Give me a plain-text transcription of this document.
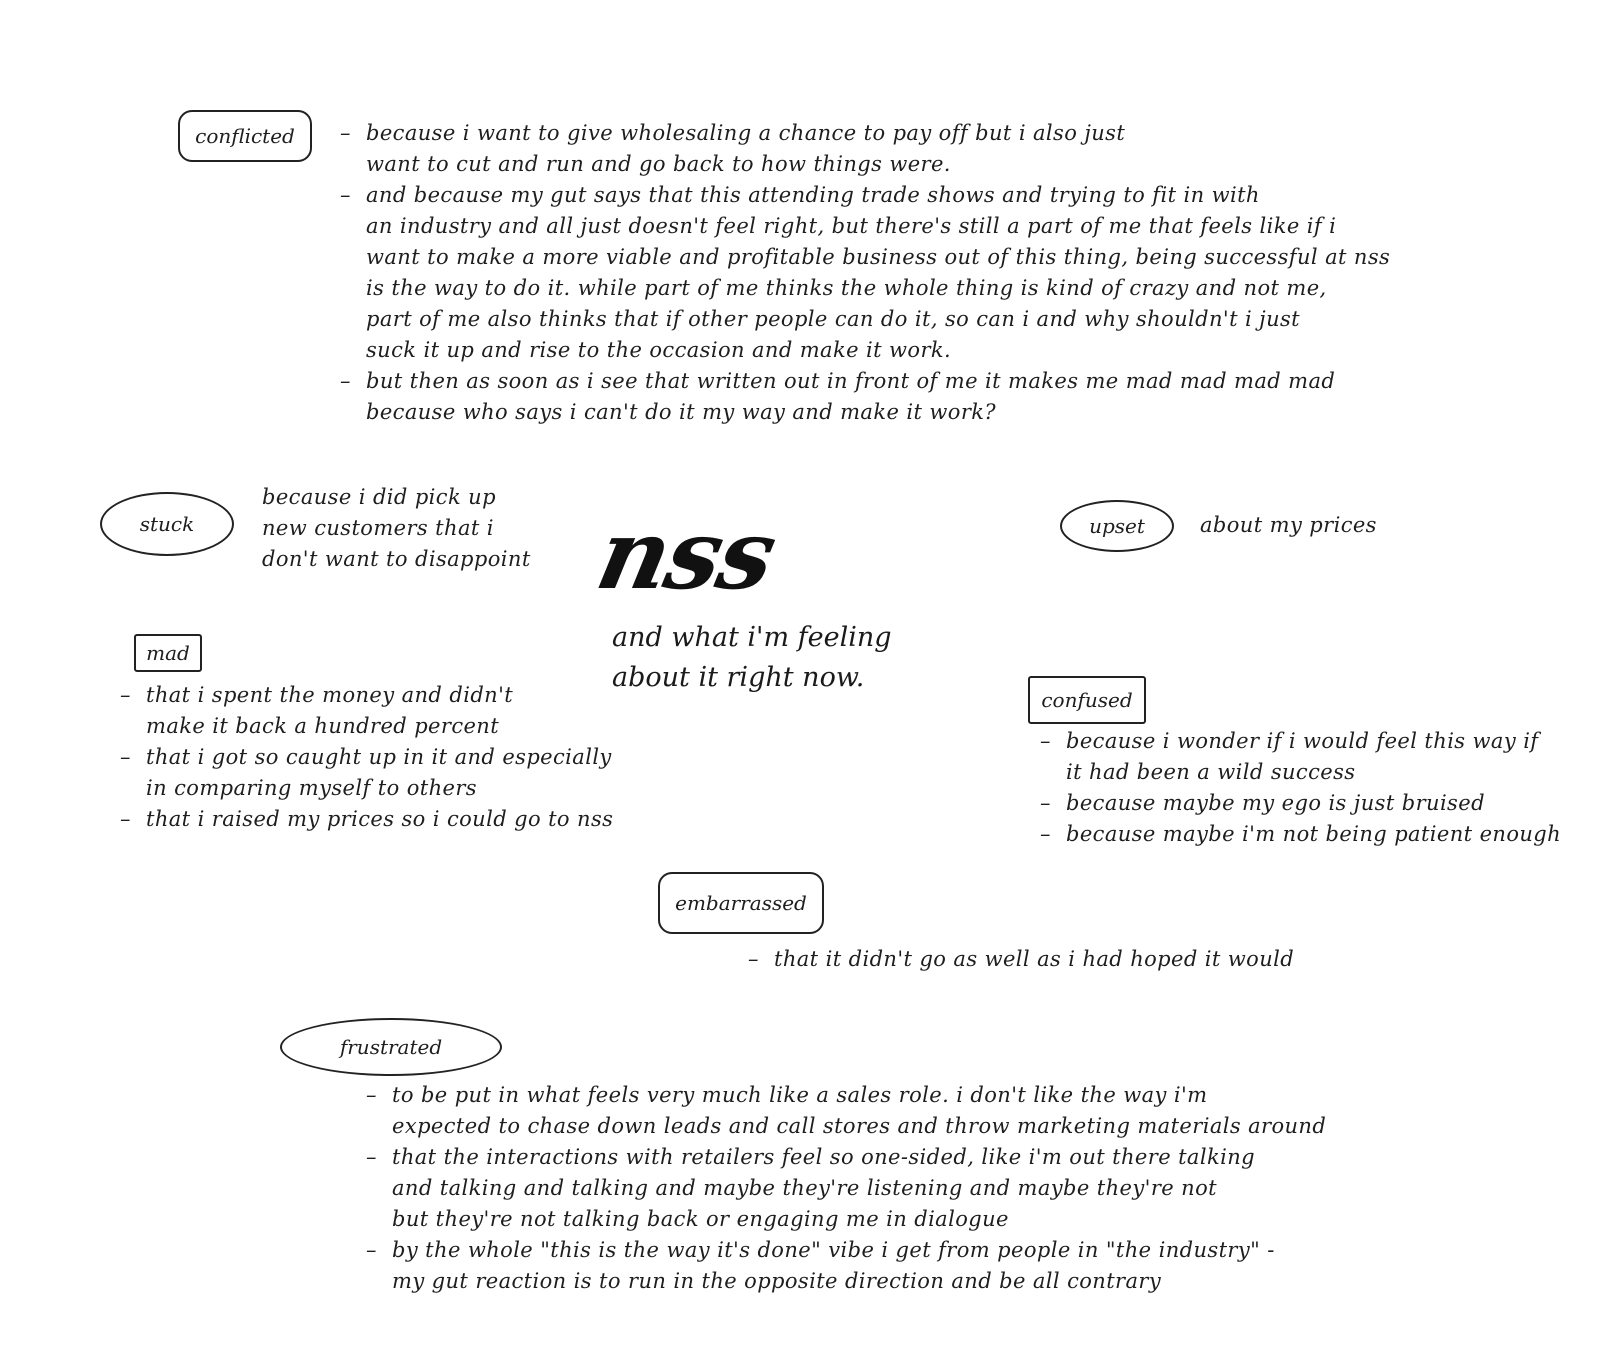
nss
and what i'm feeling
about it right now.
conflicted
–	because i want to give wholesaling a chance to pay off but i also just
want to cut and run and go back to how things were.
– and because my gut says that this attending trade shows and trying to fit in with
an industry and all just doesn't feel right, but there's still a part of me that feels like if i
want to make a more viable and profitable business out of this thing, being successful at nss
is the way to do it. while part of me thinks the whole thing is kind of crazy and not me,
part of me also thinks that if other people can do it, so can i and why shouldn't i just
suck it up and rise to the occasion and make it work.
– but then as soon as i see that written out in front of me it makes me mad mad mad mad
because who says i can't do it my way and make it work?
stuck

because i did pick up
new customers that i
don't want to disappoint

upset	about my prices

mad
– that i spent the money and didn't
make it back a hundred percent
– that i got so caught up in it and especially
in comparing myself to others
– that i raised my prices so i could go to nss
confused
– because i wonder if i would feel this way if
it had been a wild success
– because maybe my ego is just bruised
– because maybe i'm not being patient enough
embarrassed
– that it didn't go as well as i had hoped it would
frustrated
– to be put in what feels very much like a sales role. i don't like the way i'm
expected to chase down leads and call stores and throw marketing materials around
– that the interactions with retailers feel so one-sided, like i'm out there talking
and talking and talking and maybe they're listening and maybe they're not
but they're not talking back or engaging me in dialogue
– by the whole "this is the way it's done" vibe i get from people in "the industry" -
my gut reaction is to run in the opposite direction and be all contrary
